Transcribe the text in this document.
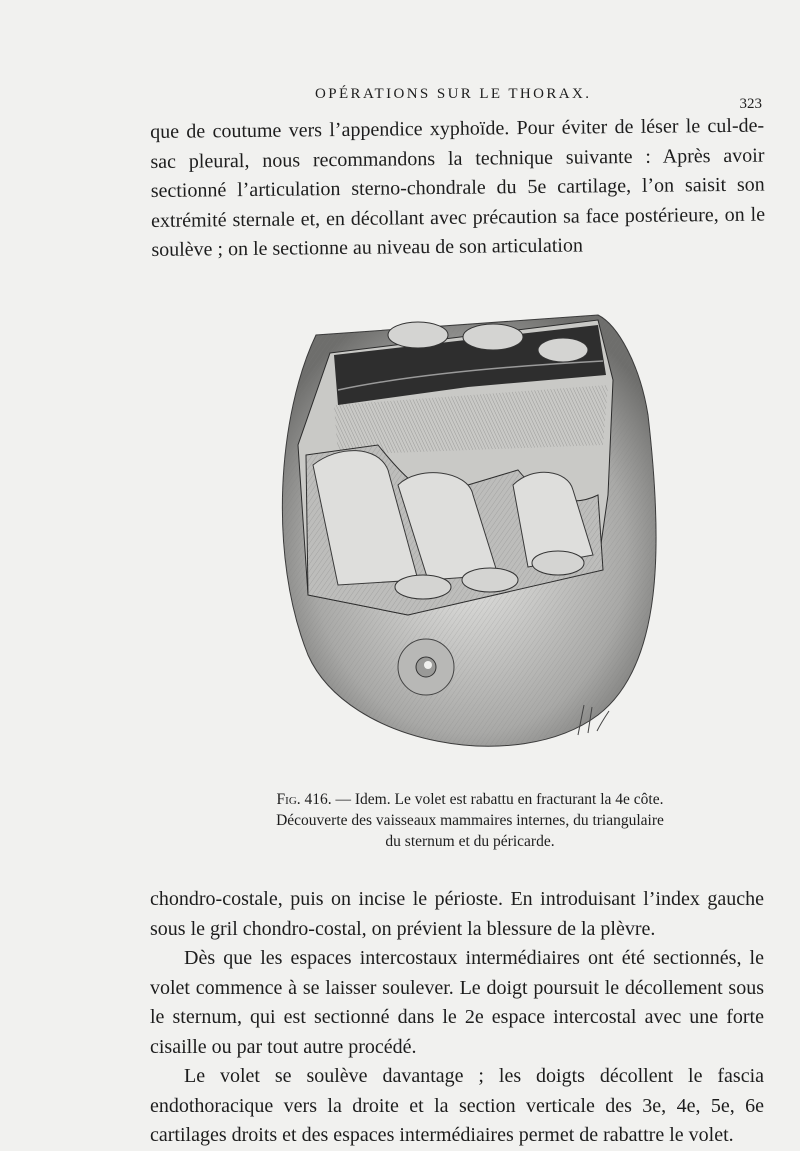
OPÉRATIONS SUR LE THORAX.
323

que de coutume vers l’appendice xyphoïde. Pour éviter de léser le cul-de-sac pleural, nous recommandons la technique suivante : Après avoir sectionné l’articulation sterno-chondrale du 5e cartilage, l’on saisit son extrémité sternale et, en décollant avec précaution sa face postérieure, on le soulève ; on le sectionne au niveau de son articulation

Fig. 416. — Idem. Le volet est rabattu en fracturant la 4e côte.
Découverte des vaisseaux mammaires internes, du triangulaire
du sternum et du péricarde.

chondro-costale, puis on incise le périoste. En introduisant l’index gauche sous le gril chondro-costal, on prévient la blessure de la plèvre.

Dès que les espaces intercostaux intermédiaires ont été sectionnés, le volet commence à se laisser soulever. Le doigt poursuit le décollement sous le sternum, qui est sectionné dans le 2e espace intercostal avec une forte cisaille ou par tout autre procédé.

Le volet se soulève davantage ; les doigts décollent le fascia endothoracique vers la droite et la section verticale des 3e, 4e, 5e, 6e cartilages droits et des espaces intermédiaires permet de rabattre le volet.
